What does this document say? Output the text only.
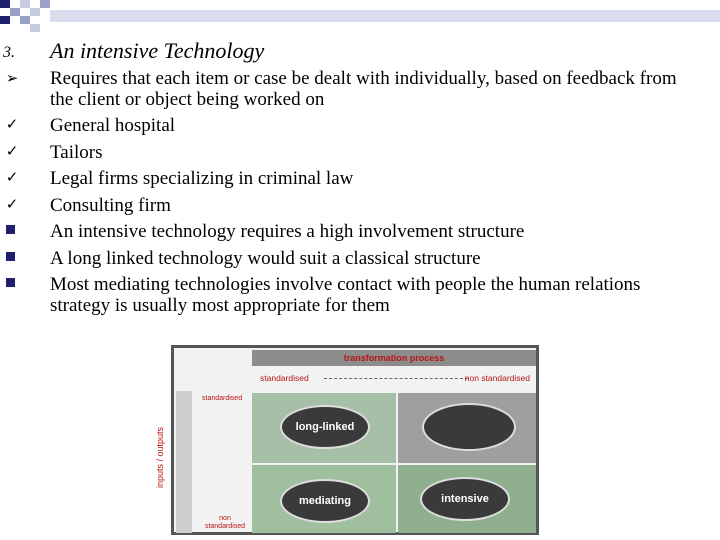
3. An intensive Technology
➢ Requires that each item or case be dealt with individually, based on feedback from the client or object being worked on
✓ General hospital
✓ Tailors
✓ Legal firms specializing in criminal law
✓ Consulting firm
An intensive technology requires a high involvement structure
A long linked technology would suit a classical structure
Most mediating technologies involve contact with people the human relations strategy is usually most appropriate for them
transformation process
standardised	non standardised
standardised
inputs / outputs
non standardised
long-linked
mediating	intensive
